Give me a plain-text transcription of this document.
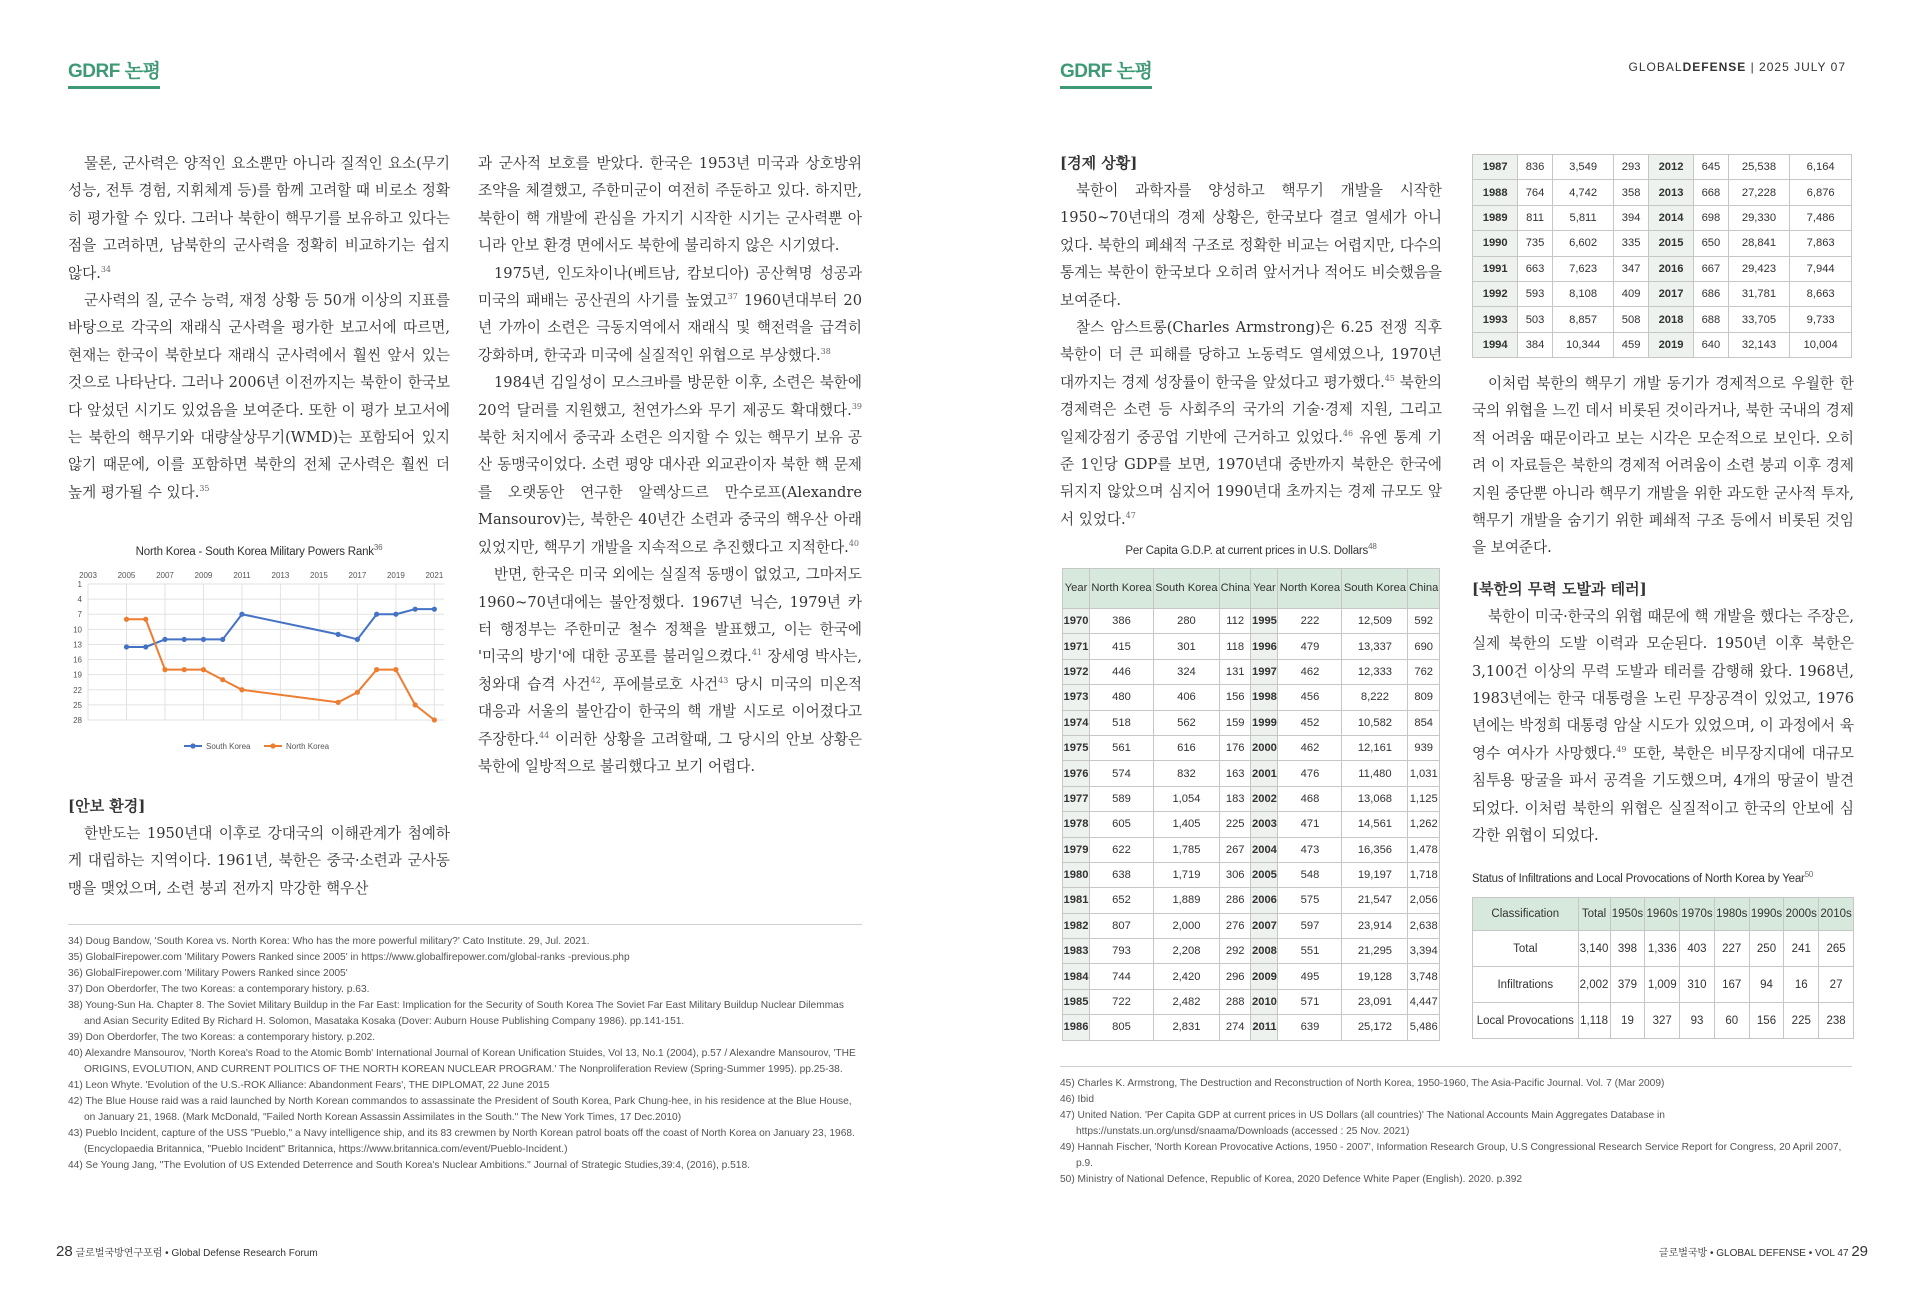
GDRF 논평

물론, 군사력은 양적인 요소뿐만 아니라 질적인 요소(무기 성능, 전투 경험, 지휘체계 등)를 함께 고려할 때 비로소 정확히 평가할 수 있다. 그러나 북한이 핵무기를 보유하고 있다는 점을 고려하면, 남북한의 군사력을 정확히 비교하기는 쉽지 않다.$^{34}$

군사력의 질, 군수 능력, 재정 상황 등 50개 이상의 지표를 바탕으로 각국의 재래식 군사력을 평가한 보고서에 따르면, 현재는 한국이 북한보다 재래식 군사력에서 훨씬 앞서 있는 것으로 나타난다. 그러나 2006년 이전까지는 북한이 한국보다 앞섰던 시기도 있었음을 보여준다. 또한 이 평가 보고서에는 북한의 핵무기와 대량살상무기(WMD)는 포함되어 있지 않기 때문에, 이를 포함하면 북한의 전체 군사력은 훨씬 더 높게 평가될 수 있다.$^{35}$

North Korea - South Korea Military Powers Rank$^{36}$
1
4
7
10
13
16
19
22
25
28
2003	2005	2007	2009	2011	2013	2015	2017	2019	2021
South Korea	North Korea
[안보 환경]

한반도는 1950년대 이후로 강대국의 이해관계가 첨예하게 대립하는 지역이다. 1961년, 북한은 중국·소련과 군사동맹을 맺었으며, 소련 붕괴 전까지 막강한 핵우산

과 군사적 보호를 받았다. 한국은 1953년 미국과 상호방위조약을 체결했고, 주한미군이 여전히 주둔하고 있다. 하지만, 북한이 핵 개발에 관심을 가지기 시작한 시기는 군사력뿐 아니라 안보 환경 면에서도 북한에 불리하지 않은 시기였다.

1975년, 인도차이나(베트남, 캄보디아) 공산혁명 성공과 미국의 패배는 공산권의 사기를 높였고$^{37}$ 1960년대부터 20년 가까이 소련은 극동지역에서 재래식 및 핵전력을 급격히 강화하며, 한국과 미국에 실질적인 위협으로 부상했다.$^{38}$

1984년 김일성이 모스크바를 방문한 이후, 소련은 북한에 20억 달러를 지원했고, 천연가스와 무기 제공도 확대했다.$^{39}$ 북한 처지에서 중국과 소련은 의지할 수 있는 핵무기 보유 공산 동맹국이었다. 소련 평양 대사관 외교관이자 북한 핵 문제를 오랫동안 연구한 알렉상드르 만수로프(Alexandre Mansourov)는, 북한은 40년간 소련과 중국의 핵우산 아래 있었지만, 핵무기 개발을 지속적으로 추진했다고 지적한다.$^{40}$

반면, 한국은 미국 외에는 실질적 동맹이 없었고, 그마저도 1960~70년대에는 불안정했다. 1967년 닉슨, 1979년 카터 행정부는 주한미군 철수 정책을 발표했고, 이는 한국에 '미국의 방기'에 대한 공포를 불러일으켰다.$^{41}$ 장세영 박사는, 청와대 습격 사건$^{42}$, 푸에블로호 사건$^{43}$ 당시 미국의 미온적 대응과 서울의 불안감이 한국의 핵 개발 시도로 이어졌다고 주장한다.$^{44}$ 이러한 상황을 고려할때, 그 당시의 안보 상황은 북한에 일방적으로 불리했다고 보기 어렵다.

34) Doug Bandow, 'South Korea vs. North Korea: Who has the more powerful military?' Cato Institute. 29, Jul. 2021.
35) GlobalFirepower.com 'Military Powers Ranked since 2005' in https://www.globalfirepower.com/global-ranks -previous.php
36) GlobalFirepower.com 'Military Powers Ranked since 2005'
37) Don Oberdorfer, The two Koreas: a contemporary history. p.63.
38) Young-Sun Ha. Chapter 8. The Soviet Military Buildup in the Far East: Implication for the Security of South Korea The Soviet Far East Military Buildup Nuclear Dilemmas and Asian Security Edited By Richard H. Solomon, Masataka Kosaka (Dover: Auburn House Publishing Company 1986). pp.141-151.
39) Don Oberdorfer, The two Koreas: a contemporary history. p.202.
40) Alexandre Mansourov, 'North Korea's Road to the Atomic Bomb' International Journal of Korean Unification Stuides, Vol 13, No.1 (2004), p.57 / Alexandre Mansourov, 'THE ORIGINS, EVOLUTION, AND CURRENT POLITICS OF THE NORTH KOREAN NUCLEAR PROGRAM.' The Nonproliferation Review (Spring-Summer 1995). pp.25-38.
41) Leon Whyte. 'Evolution of the U.S.-ROK Alliance: Abandonment Fears', THE DIPLOMAT, 22 June 2015
42) The Blue House raid was a raid launched by North Korean commandos to assassinate the President of South Korea, Park Chung-hee, in his residence at the Blue House, on January 21, 1968. (Mark McDonald, "Failed North Korean Assassin Assimilates in the South." The New York Times, 17 Dec.2010)
43) Pueblo Incident, capture of the USS "Pueblo," a Navy intelligence ship, and its 83 crewmen by North Korean patrol boats off the coast of North Korea on January 23, 1968. (Encyclopaedia Britannica, "Pueblo Incident" Britannica, https://www.britannica.com/event/Pueblo-Incident.)
44) Se Young Jang, "The Evolution of US Extended Deterrence and South Korea's Nuclear Ambitions." Journal of Strategic Studies,39:4, (2016), p.518.
28 글로벌국방연구포럼 • Global Defense Research Forum
GDRF 논평	GLOBALDEFENSE | 2025 JULY 07
[경제 상황]

북한이 과학자를 양성하고 핵무기 개발을 시작한 1950~70년대의 경제 상황은, 한국보다 결코 열세가 아니었다. 북한의 폐쇄적 구조로 정확한 비교는 어렵지만, 다수의 통계는 북한이 한국보다 오히려 앞서거나 적어도 비슷했음을 보여준다.

찰스 암스트롱(Charles Armstrong)은 6.25 전쟁 직후 북한이 더 큰 피해를 당하고 노동력도 열세였으나, 1970년대까지는 경제 성장률이 한국을 앞섰다고 평가했다.$^{45}$ 북한의 경제력은 소련 등 사회주의 국가의 기술·경제 지원, 그리고 일제강점기 중공업 기반에 근거하고 있었다.$^{46}$ 유엔 통계 기준 1인당 GDP를 보면, 1970년대 중반까지 북한은 한국에 뒤지지 않았으며 심지어 1990년대 초까지는 경제 규모도 앞서 있었다.$^{47}$

Per Capita G.D.P. at current prices in U.S. Dollars$^{48}$
Year	North Korea	South Korea	China	Year	North Korea	South Korea	China
1970	386	280	112	1995	222	12,509	592
1971	415	301	118	1996	479	13,337	690
1972	446	324	131	1997	462	12,333	762
1973	480	406	156	1998	456	8,222	809
1974	518	562	159	1999	452	10,582	854
1975	561	616	176	2000	462	12,161	939
1976	574	832	163	2001	476	11,480	1,031
1977	589	1,054	183	2002	468	13,068	1,125
1978	605	1,405	225	2003	471	14,561	1,262
1979	622	1,785	267	2004	473	16,356	1,478
1980	638	1,719	306	2005	548	19,197	1,718
1981	652	1,889	286	2006	575	21,547	2,056
1982	807	2,000	276	2007	597	23,914	2,638
1983	793	2,208	292	2008	551	21,295	3,394
1984	744	2,420	296	2009	495	19,128	3,748
1985	722	2,482	288	2010	571	23,091	4,447
1986	805	2,831	274	2011	639	25,172	5,486
1987	836	3,549	293	2012	645	25,538	6,164
1988	764	4,742	358	2013	668	27,228	6,876
1989	811	5,811	394	2014	698	29,330	7,486
1990	735	6,602	335	2015	650	28,841	7,863
1991	663	7,623	347	2016	667	29,423	7,944
1992	593	8,108	409	2017	686	31,781	8,663
1993	503	8,857	508	2018	688	33,705	9,733
1994	384	10,344	459	2019	640	32,143	10,004

이처럼 북한의 핵무기 개발 동기가 경제적으로 우월한 한국의 위협을 느낀 데서 비롯된 것이라거나, 북한 국내의 경제적 어려움 때문이라고 보는 시각은 모순적으로 보인다. 오히려 이 자료들은 북한의 경제적 어려움이 소련 붕괴 이후 경제 지원 중단뿐 아니라 핵무기 개발을 위한 과도한 군사적 투자, 핵무기 개발을 숨기기 위한 폐쇄적 구조 등에서 비롯된 것임을 보여준다.

[북한의 무력 도발과 테러]

북한이 미국·한국의 위협 때문에 핵 개발을 했다는 주장은, 실제 북한의 도발 이력과 모순된다. 1950년 이후 북한은 3,100건 이상의 무력 도발과 테러를 감행해 왔다. 1968년, 1983년에는 한국 대통령을 노린 무장공격이 있었고, 1976년에는 박정희 대통령 암살 시도가 있었으며, 이 과정에서 육영수 여사가 사망했다.$^{49}$ 또한, 북한은 비무장지대에 대규모 침투용 땅굴을 파서 공격을 기도했으며, 4개의 땅굴이 발견되었다. 이처럼 북한의 위협은 실질적이고 한국의 안보에 심각한 위협이 되었다.

Status of Infiltrations and Local Provocations of North Korea by Year$^{50}$
Classification	Total	1950s	1960s	1970s	1980s	1990s	2000s	2010s
Total	3,140	398	1,336	403	227	250	241	265
Infiltrations	2,002	379	1,009	310	167	94	16	27
Local Provocations	1,118	19	327	93	60	156	225	238
45) Charles K. Armstrong, The Destruction and Reconstruction of North Korea, 1950-1960, The Asia-Pacific Journal. Vol. 7 (Mar 2009)
46) Ibid
47) United Nation. 'Per Capita GDP at current prices in US Dollars (all countries)' The National Accounts Main Aggregates Database in https://unstats.un.org/unsd/snaama/Downloads (accessed : 25 Nov. 2021)
49) Hannah Fischer, 'North Korean Provocative Actions, 1950 - 2007', Information Research Group, U.S Congressional Research Service Report for Congress, 20 April 2007, p.9.
50) Ministry of National Defence, Republic of Korea, 2020 Defence White Paper (English). 2020. p.392
글로벌국방 • GLOBAL DEFENSE • VOL 47 29
